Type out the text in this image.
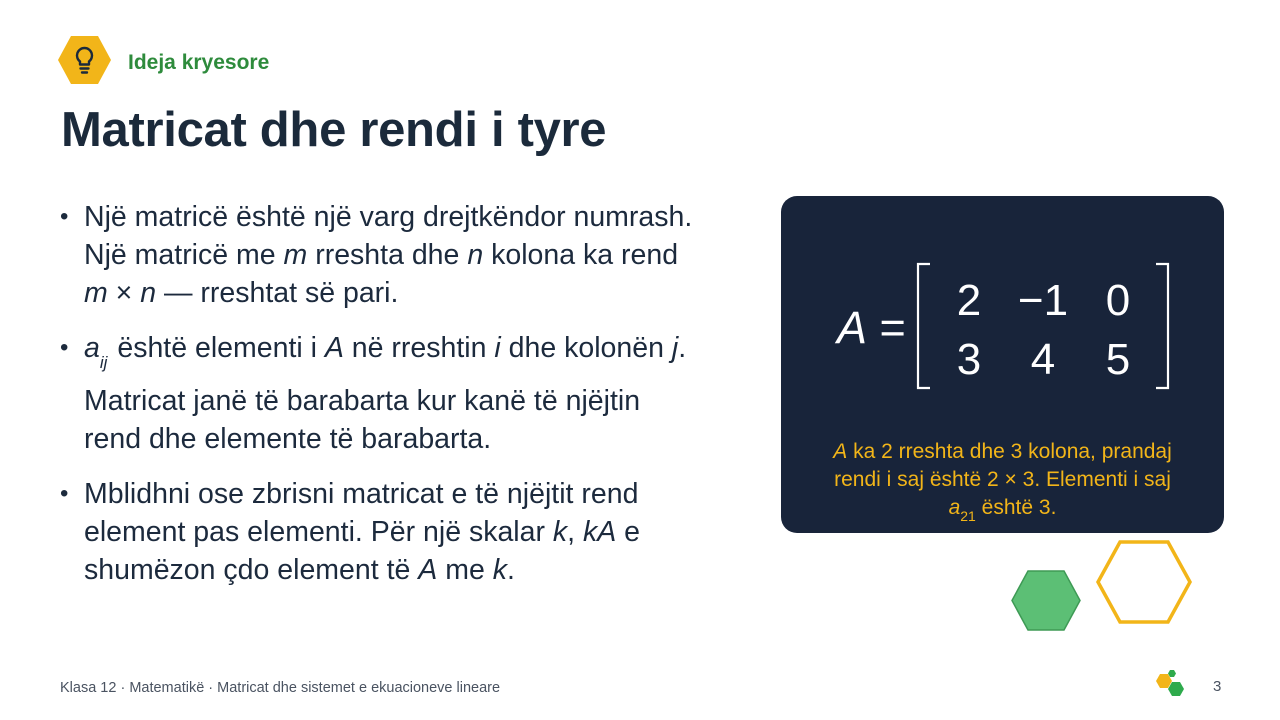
Ideja kryesore
Matricat dhe rendi i tyre
• Një matricë është një varg drejtkëndor numrash.
Një matricë me m rreshta dhe n kolona ka rend
m × n — rreshtat së pari.
• $a_{ij}$ është elementi i A në rreshtin i dhe kolonën j.
Matricat janë të barabarta kur kanë të njëjtin
rend dhe elemente të barabarta.
• Mblidhni ose zbrisni matricat e të njëjtit rend
element pas elementi. Për një skalar k, kA e
shumëzon çdo element të A me k.
A =
2 −1 0
3	4	5
A ka 2 rreshta dhe 3 kolona, prandaj
rendi i saj është 2 × 3. Elementi i saj
$a_{21}$ është 3.
Klasa 12 · Matematikë · Matricat dhe sistemet e ekuacioneve lineare	3
